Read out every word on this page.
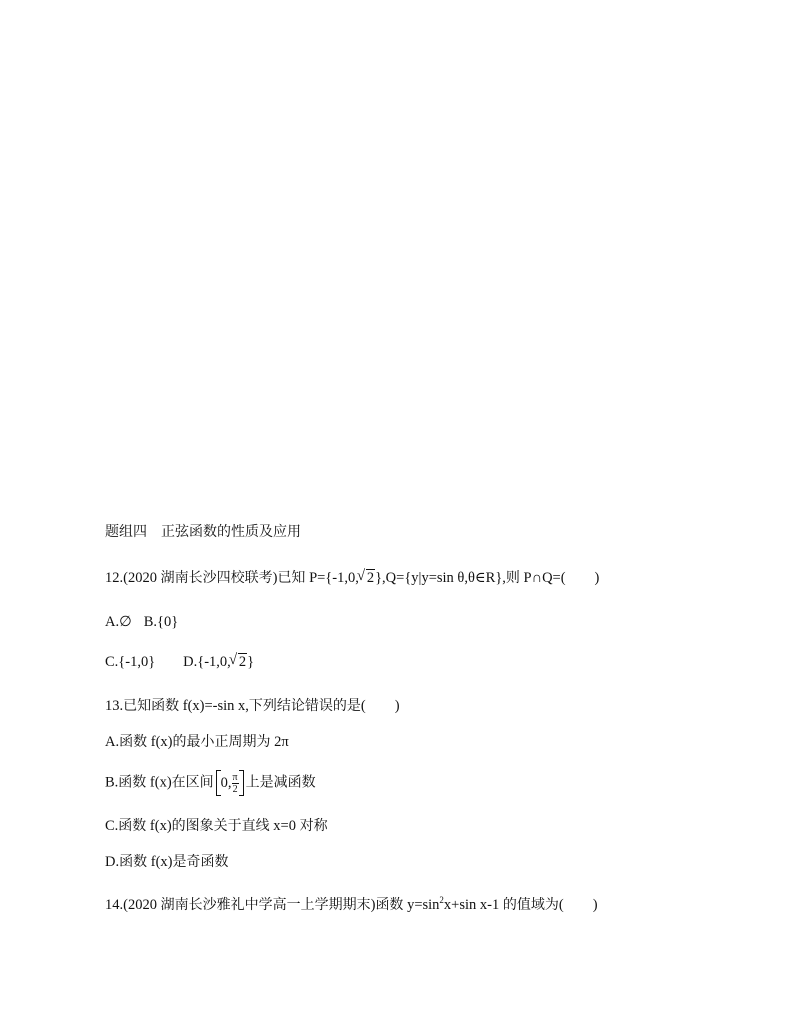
题组四　正弦函数的性质及应用
12.(2020 湖南长沙四校联考)已知 P={-1,0, √ 2},Q={y|y=sin θ,θ∈R},则 P∩Q=(　　)
A.∅ B.{0}
C.{-1,0} D.{-1,0, √ 2}
13.已知函数 f(x)=-sin x,下列结论错误的是(　　)
A.函数 f(x)的最小正周期为 2π
B.函数 f(x)在区间 0, $\frac{\pi}{2}$ 上是减函数
C.函数 f(x)的图象关于直线 x=0 对称
D.函数 f(x)是奇函数
14.(2020 湖南长沙雅礼中学高一上学期期末)函数 $y=\sin^2x+\sin$ x-1 的值域为(　　)
